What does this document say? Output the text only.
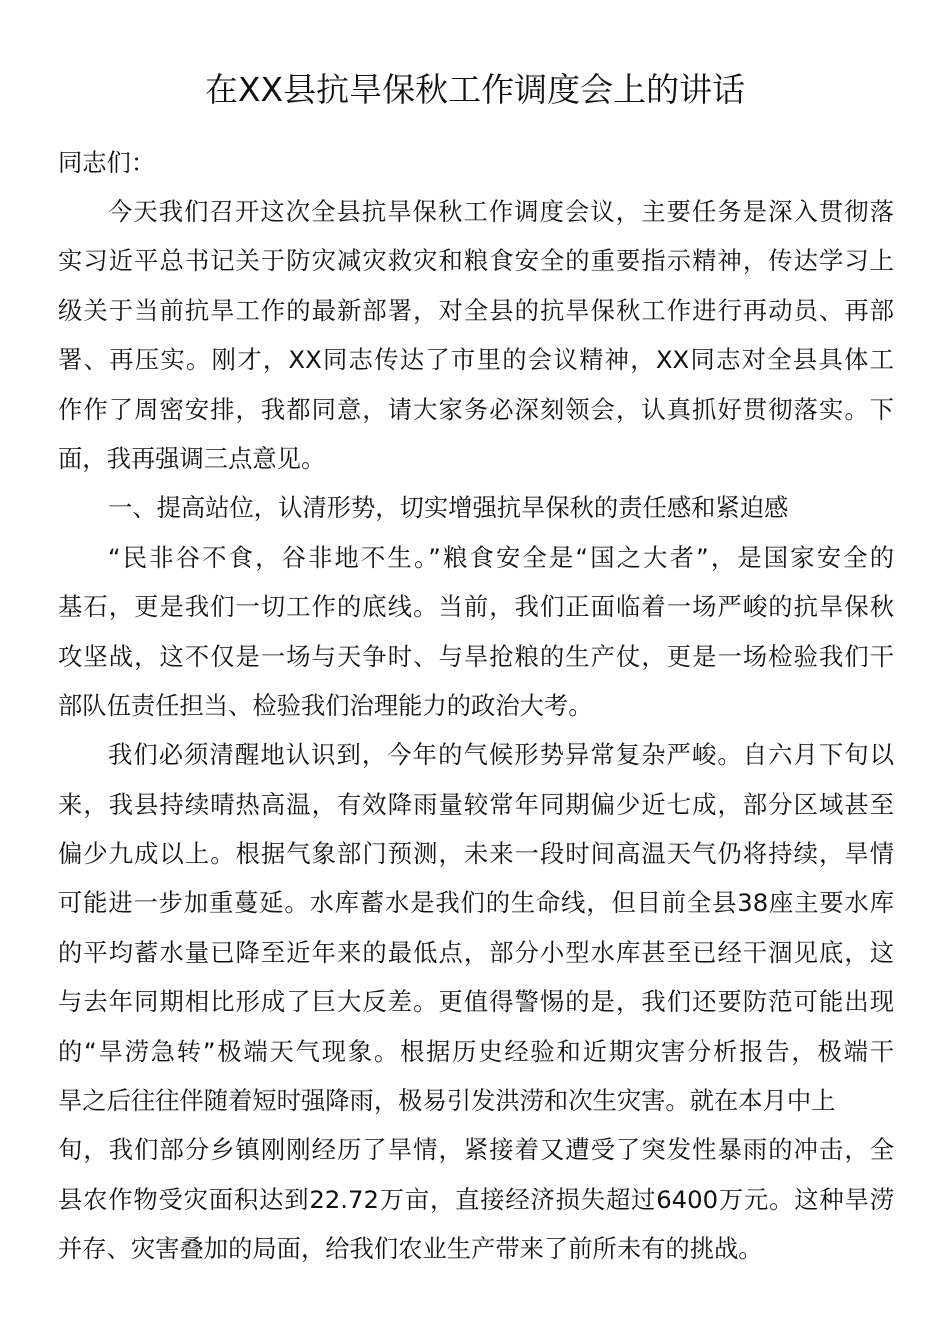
在XX县抗旱保秋工作调度会上的讲话

同志们：

今天我们召开这次全县抗旱保秋工作调度会议，主要任务是深入贯彻落
实习近平总书记关于防灾减灾救灾和粮食安全的重要指示精神，传达学习上
级关于当前抗旱工作的最新部署，对全县的抗旱保秋工作进行再动员、再部
署、再压实。刚才，XX同志传达了市里的会议精神，XX同志对全县具体工
作作了周密安排，我都同意，请大家务必深刻领会，认真抓好贯彻落实。下
面，我再强调三点意见。
一、提高站位，认清形势，切实增强抗旱保秋的责任感和紧迫感
“民非谷不食，谷非地不生。”粮食安全是“国之大者”，是国家安全的
基石，更是我们一切工作的底线。当前，我们正面临着一场严峻的抗旱保秋
攻坚战，这不仅是一场与天争时、与旱抢粮的生产仗，更是一场检验我们干
部队伍责任担当、检验我们治理能力的政治大考。
我们必须清醒地认识到，今年的气候形势异常复杂严峻。自六月下旬以
来，我县持续晴热高温，有效降雨量较常年同期偏少近七成，部分区域甚至
偏少九成以上。根据气象部门预测，未来一段时间高温天气仍将持续，旱情
可能进一步加重蔓延。水库蓄水是我们的生命线，但目前全县38座主要水库
的平均蓄水量已降至近年来的最低点，部分小型水库甚至已经干涸见底，这
与去年同期相比形成了巨大反差。更值得警惕的是，我们还要防范可能出现
的“旱涝急转”极端天气现象。根据历史经验和近期灾害分析报告，极端干
旱之后往往伴随着短时强降雨，极易引发洪涝和次生灾害。就在本月中上
旬，我们部分乡镇刚刚经历了旱情，紧接着又遭受了突发性暴雨的冲击，全
县农作物受灾面积达到22.72万亩，直接经济损失超过6400万元。这种旱涝
并存、灾害叠加的局面，给我们农业生产带来了前所未有的挑战。
